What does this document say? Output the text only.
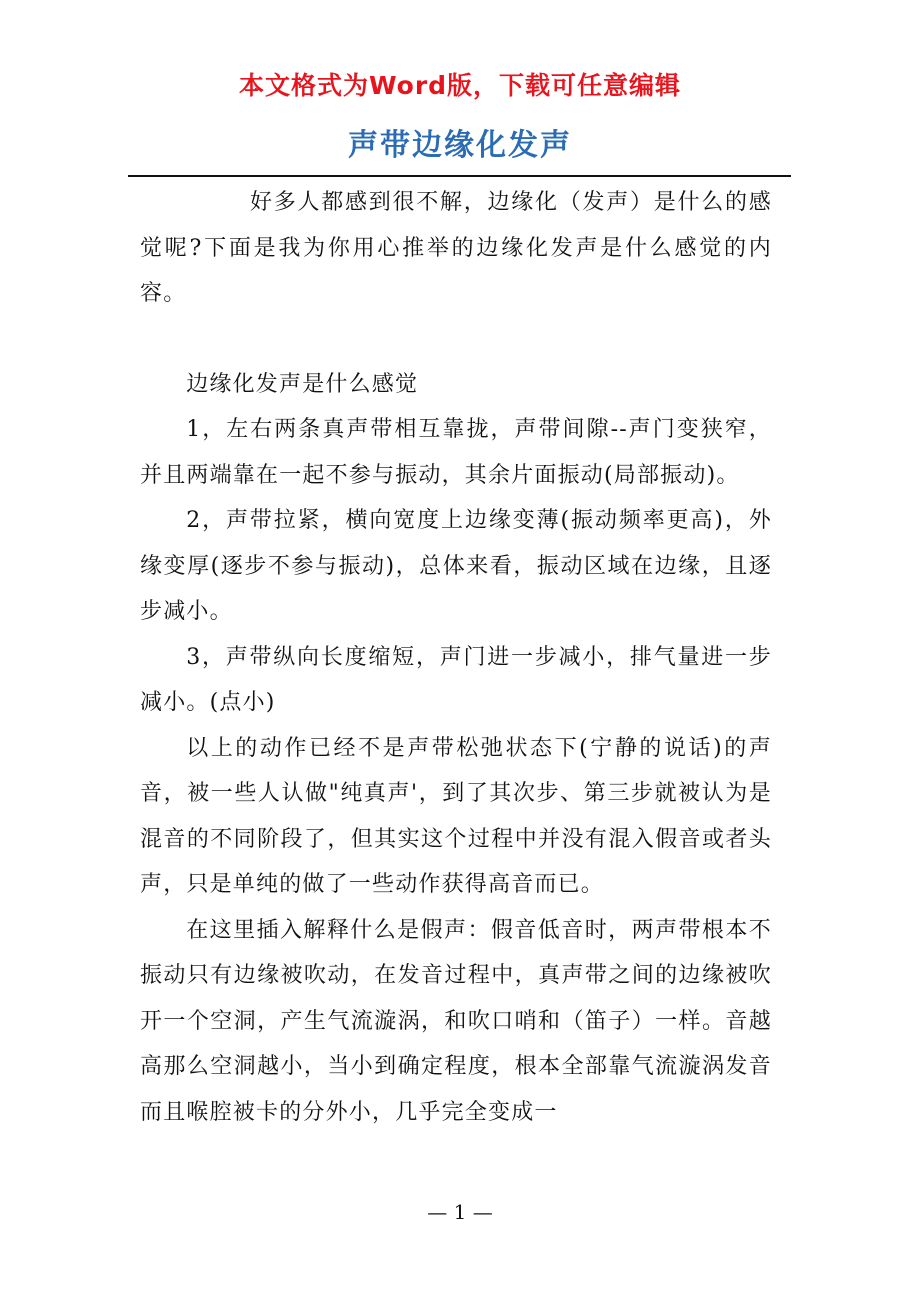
本文格式为Word版，下载可任意编辑
声带边缘化发声

好多人都感到很不解，边缘化（发声）是什么的感觉呢?下面是我为你用心推举的边缘化发声是什么感觉的内容。

边缘化发声是什么感觉

1，左右两条真声带相互靠拢，声带间隙--声门变狭窄，并且两端靠在一起不参与振动，其余片面振动(局部振动)。

2，声带拉紧，横向宽度上边缘变薄(振动频率更高)，外缘变厚(逐步不参与振动)，总体来看，振动区域在边缘，且逐步减小。

3，声带纵向长度缩短，声门进一步减小，排气量进一步减小。(点小)

以上的动作已经不是声带松弛状态下(宁静的说话)的声音，被一些人认做"纯真声'，到了其次步、第三步就被认为是混音的不同阶段了，但其实这个过程中并没有混入假音或者头声，只是单纯的做了一些动作获得高音而已。

在这里插入解释什么是假声：假音低音时，两声带根本不振动只有边缘被吹动，在发音过程中，真声带之间的边缘被吹开一个空洞，产生气流漩涡，和吹口哨和（笛子）一样。音越高那么空洞越小，当小到确定程度，根本全部靠气流漩涡发音而且喉腔被卡的分外小，几乎完全变成一

— 1 —
